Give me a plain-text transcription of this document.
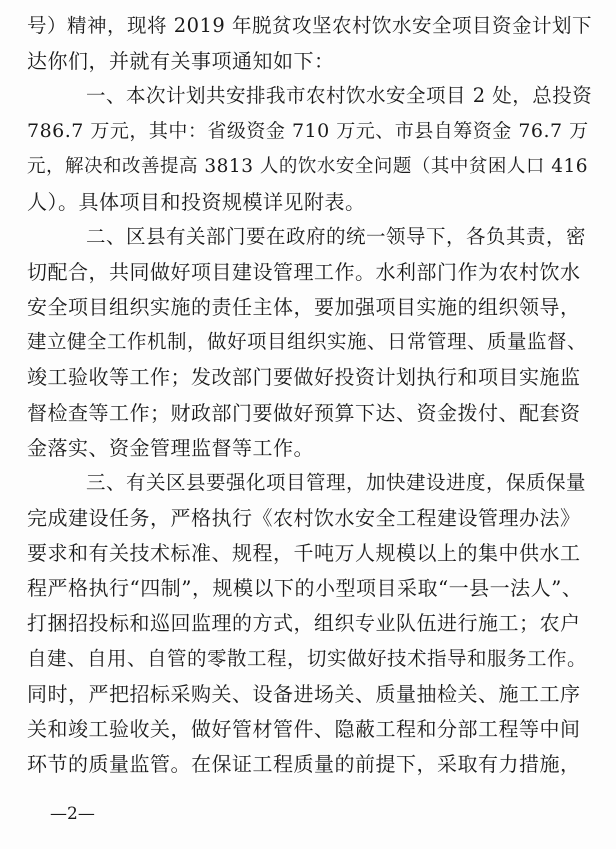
号）精神，现将 2019 年脱贫攻坚农村饮水安全项目资金计划下
达你们，并就有关事项通知如下：
一、本次计划共安排我市农村饮水安全项目 2 处，总投资
786.7 万元，其中：省级资金 710 万元、市县自筹资金 76.7 万
元，解决和改善提高 3813 人的饮水安全问题（其中贫困人口 416
人）。具体项目和投资规模详见附表。
二、区县有关部门要在政府的统一领导下，各负其责，密
切配合，共同做好项目建设管理工作。水利部门作为农村饮水
安全项目组织实施的责任主体，要加强项目实施的组织领导，
建立健全工作机制，做好项目组织实施、日常管理、质量监督、
竣工验收等工作；发改部门要做好投资计划执行和项目实施监
督检查等工作；财政部门要做好预算下达、资金拨付、配套资
金落实、资金管理监督等工作。
三、有关区县要强化项目管理，加快建设进度，保质保量
完成建设任务，严格执行《农村饮水安全工程建设管理办法》
要求和有关技术标准、规程，千吨万人规模以上的集中供水工
程严格执行“四制”，规模以下的小型项目采取“一县一法人”、
打捆招投标和巡回监理的方式，组织专业队伍进行施工；农户
自建、自用、自管的零散工程，切实做好技术指导和服务工作。
同时，严把招标采购关、设备进场关、质量抽检关、施工工序
关和竣工验收关，做好管材管件、隐蔽工程和分部工程等中间
环节的质量监管。在保证工程质量的前提下，采取有力措施，
—2—
